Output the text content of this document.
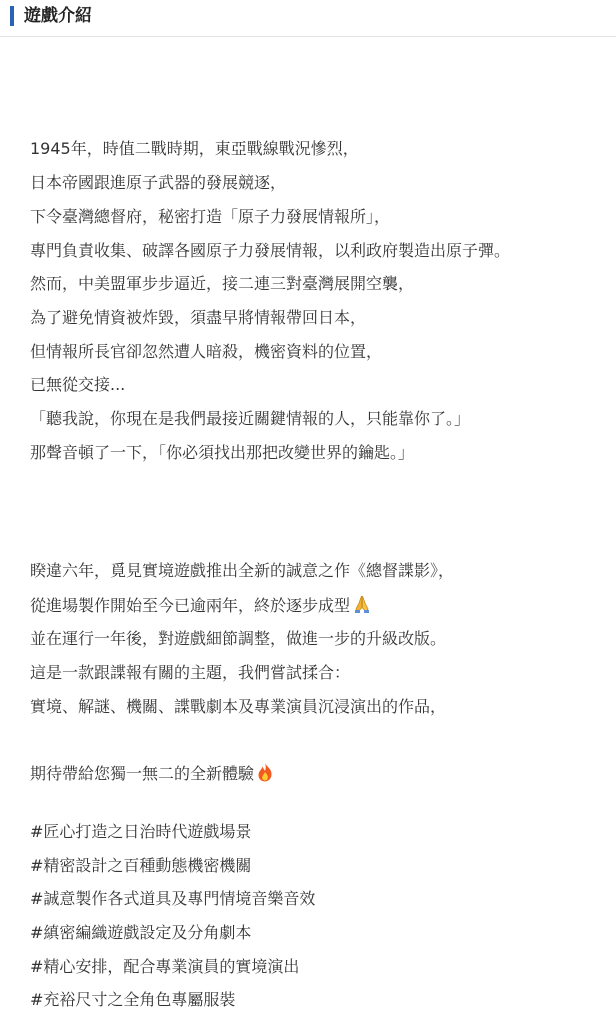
遊戲介紹
1945年，時值二戰時期，東亞戰線戰況慘烈，
日本帝國跟進原子武器的發展競逐，
下令臺灣總督府，秘密打造「原子力發展情報所」，
專門負責收集、破譯各國原子力發展情報，以利政府製造出原子彈。
然而，中美盟軍步步逼近，接二連三對臺灣展開空襲，
為了避免情資被炸毀，須盡早將情報帶回日本，
但情報所長官卻忽然遭人暗殺，機密資料的位置，
已無從交接...
「聽我說，你現在是我們最接近關鍵情報的人，只能靠你了。」
那聲音頓了一下，「你必須找出那把改變世界的鑰匙。」
睽違六年，覓見實境遊戲推出全新的誠意之作《總督諜影》，
從進場製作開始至今已逾兩年，終於逐步成型
並在運行一年後，對遊戲細節調整，做進一步的升級改版。
這是一款跟諜報有關的主題，我們嘗試揉合：
實境、解謎、機關、諜戰劇本及專業演員沉浸演出的作品，
期待帶給您獨一無二的全新體驗
#匠心打造之日治時代遊戲場景
#精密設計之百種動態機密機關
#誠意製作各式道具及專門情境音樂音效
#縝密編織遊戲設定及分角劇本
#精心安排，配合專業演員的實境演出
#充裕尺寸之全角色專屬服裝
